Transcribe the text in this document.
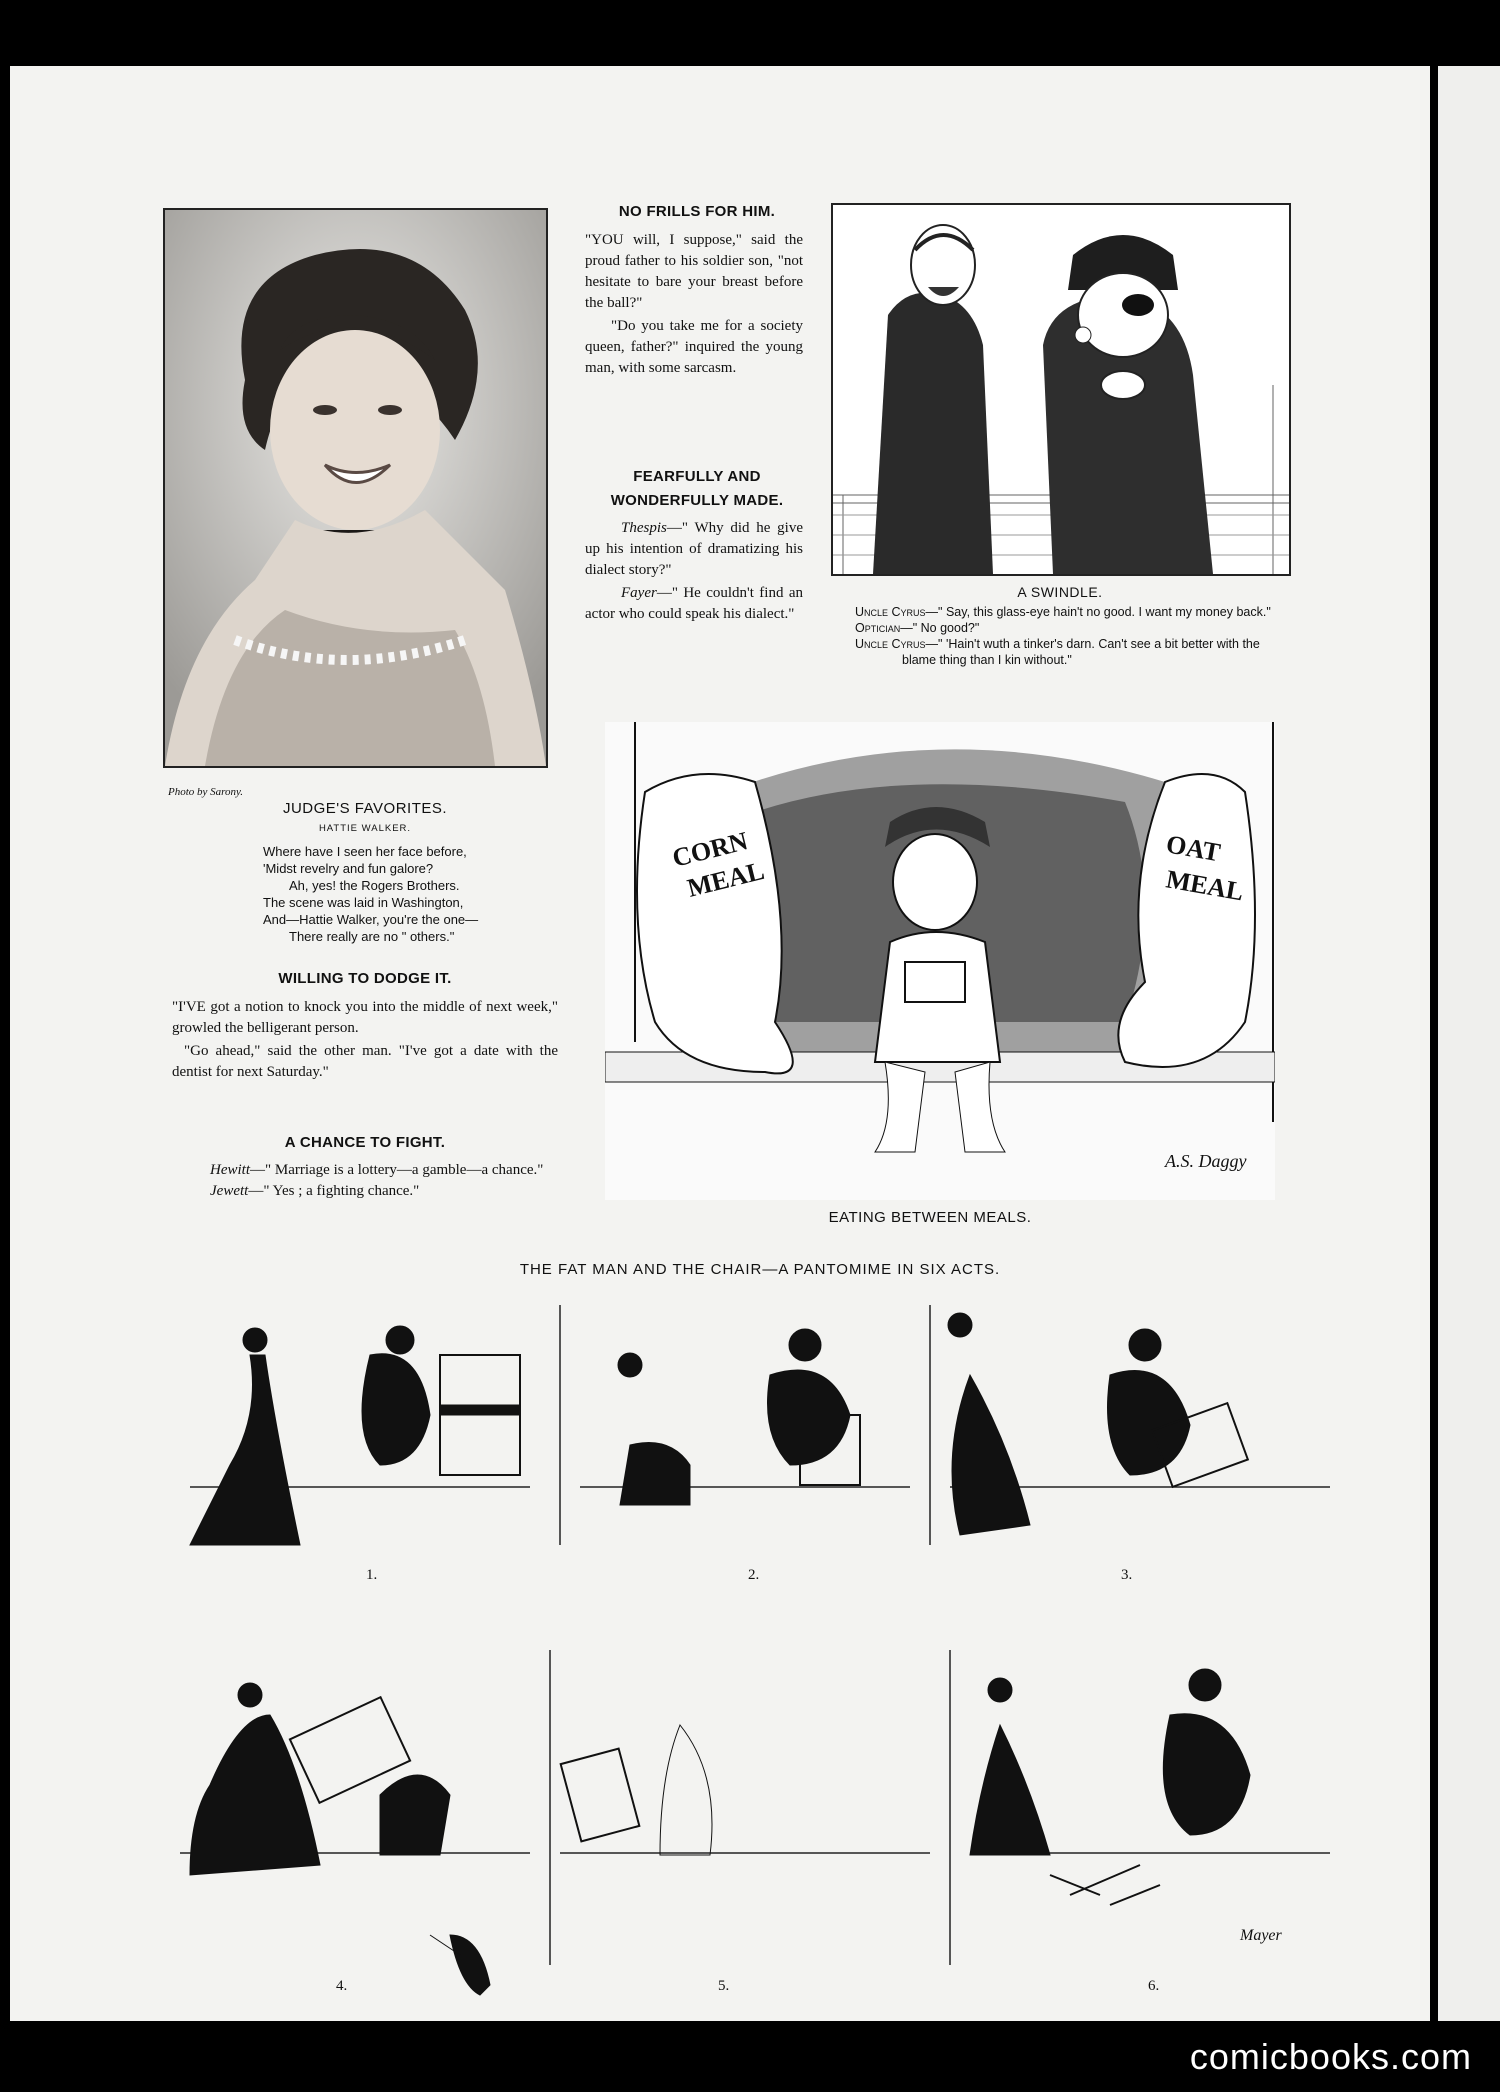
Photo by Sarony.
JUDGE'S FAVORITES.
HATTIE WALKER.
Where have I seen her face before,
'Midst revelry and fun galore?
Ah, yes! the Rogers Brothers.
The scene was laid in Washington,
And—Hattie Walker, you're the one—
There really are no " others."
WILLING TO DODGE IT.

"I'VE got a notion to knock you into the middle of next week," growled the belligerant person.

"Go ahead," said the other man. "I've got a date with the dentist for next Saturday."

A CHANCE TO FIGHT.

Hewitt—" Marriage is a lottery—a gamble—a chance."

Jewett—" Yes ; a fighting chance."

NO FRILLS FOR HIM.

"YOU will, I suppose," said the proud father to his soldier son, "not hesitate to bare your breast before the ball?"

"Do you take me for a society queen, father?" inquired the young man, with some sarcasm.

FEARFULLY AND
WONDERFULLY MADE.

Thespis—" Why did he give up his intention of dramatizing his dialect story?"

Fayer—" He couldn't find an actor who could speak his dialect."

A SWINDLE.
Uncle Cyrus—" Say, this glass-eye hain't no good. I want my money back."
Optician—" No good?"
Uncle Cyrus—" 'Hain't wuth a tinker's darn. Can't see a bit better with the blame thing than I kin without."
CORN
MEAL
OAT
MEAL
A.S. Daggy
EATING BETWEEN MEALS.
THE FAT MAN AND THE CHAIR—A PANTOMIME IN SIX ACTS.
Mayer
1.	2.	3.
4.	5.	6.
comicbooks.com
